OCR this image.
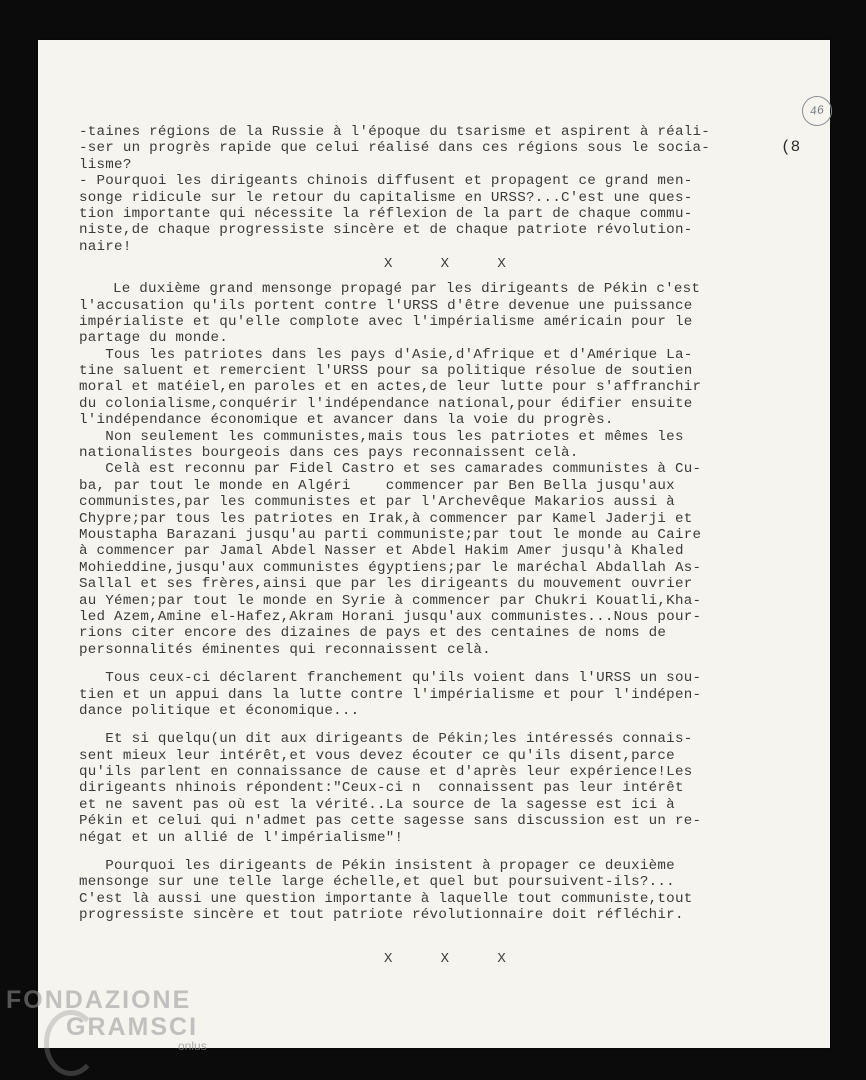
46
(8
-taines régions de la Russie à l'époque du tsarisme et aspirent à réali-
-ser un progrès rapide que celui réalisé dans ces régions sous le socia-
lisme?
- Pourquoi les dirigeants chinois diffusent et propagent ce grand men-
songe ridicule sur le retour du capitalisme en URSS?...C'est une ques-
tion importante qui nécessite la réflexion de la part de chaque commu-
niste,de chaque progressiste sincère et de chaque patriote révolution-
naire!
X	X	X
Le duxième grand mensonge propagé par les dirigeants de Pékin c'est
l'accusation qu'ils portent contre l'URSS d'être devenue une puissance
impérialiste et qu'elle complote avec l'impérialisme américain pour le
partage du monde.
Tous les patriotes dans les pays d'Asie,d'Afrique et d'Amérique La-
tine saluent et remercient l'URSS pour sa politique résolue de soutien
moral et matéiel,en paroles et en actes,de leur lutte pour s'affranchir
du colonialisme,conquérir l'indépendance national,pour édifier ensuite
l'indépendance économique et avancer dans la voie du progrès.
Non seulement les communistes,mais tous les patriotes et mêmes les
nationalistes bourgeois dans ces pays reconnaissent celà.
Celà est reconnu par Fidel Castro et ses camarades communistes à Cu-
ba, par tout le monde en Algéri    commencer par Ben Bella jusqu'aux
communistes,par les communistes et par l'Archevêque Makarios aussi à
Chypre;par tous les patriotes en Irak,à commencer par Kamel Jaderji et
Moustapha Barazani jusqu'au parti communiste;par tout le monde au Caire
à commencer par Jamal Abdel Nasser et Abdel Hakim Amer jusqu'à Khaled
Mohieddine,jusqu'aux communistes égyptiens;par le maréchal Abdallah As-
Sallal et ses frères,ainsi que par les dirigeants du mouvement ouvrier
au Yémen;par tout le monde en Syrie à commencer par Chukri Kouatli,Kha-
led Azem,Amine el-Hafez,Akram Horani jusqu'aux communistes...Nous pour-
rions citer encore des dizaines de pays et des centaines de noms de
personnalités éminentes qui reconnaissent celà.
Tous ceux-ci déclarent franchement qu'ils voient dans l'URSS un sou-
tien et un appui dans la lutte contre l'impérialisme et pour l'indépen-
dance politique et économique...
Et si quelqu(un dit aux dirigeants de Pékin;les intéressés connais-
sent mieux leur intérêt,et vous devez écouter ce qu'ils disent,parce
qu'ils parlent en connaissance de cause et d'après leur expérience!Les
dirigeants nhinois répondent:"Ceux-ci n  connaissent pas leur intérêt
et ne savent pas où est la vérité..La source de la sagesse est ici à
Pékin et celui qui n'admet pas cette sagesse sans discussion est un re-
négat et un allié de l'impérialisme"!
Pourquoi les dirigeants de Pékin insistent à propager ce deuxième
mensonge sur une telle large échelle,et quel but poursuivent-ils?...
C'est là aussi une question importante à laquelle tout communiste,tout
progressiste sincère et tout patriote révolutionnaire doit réfléchir.
X	X	X
FONDAZIONE
GRAMSCI
onlus
